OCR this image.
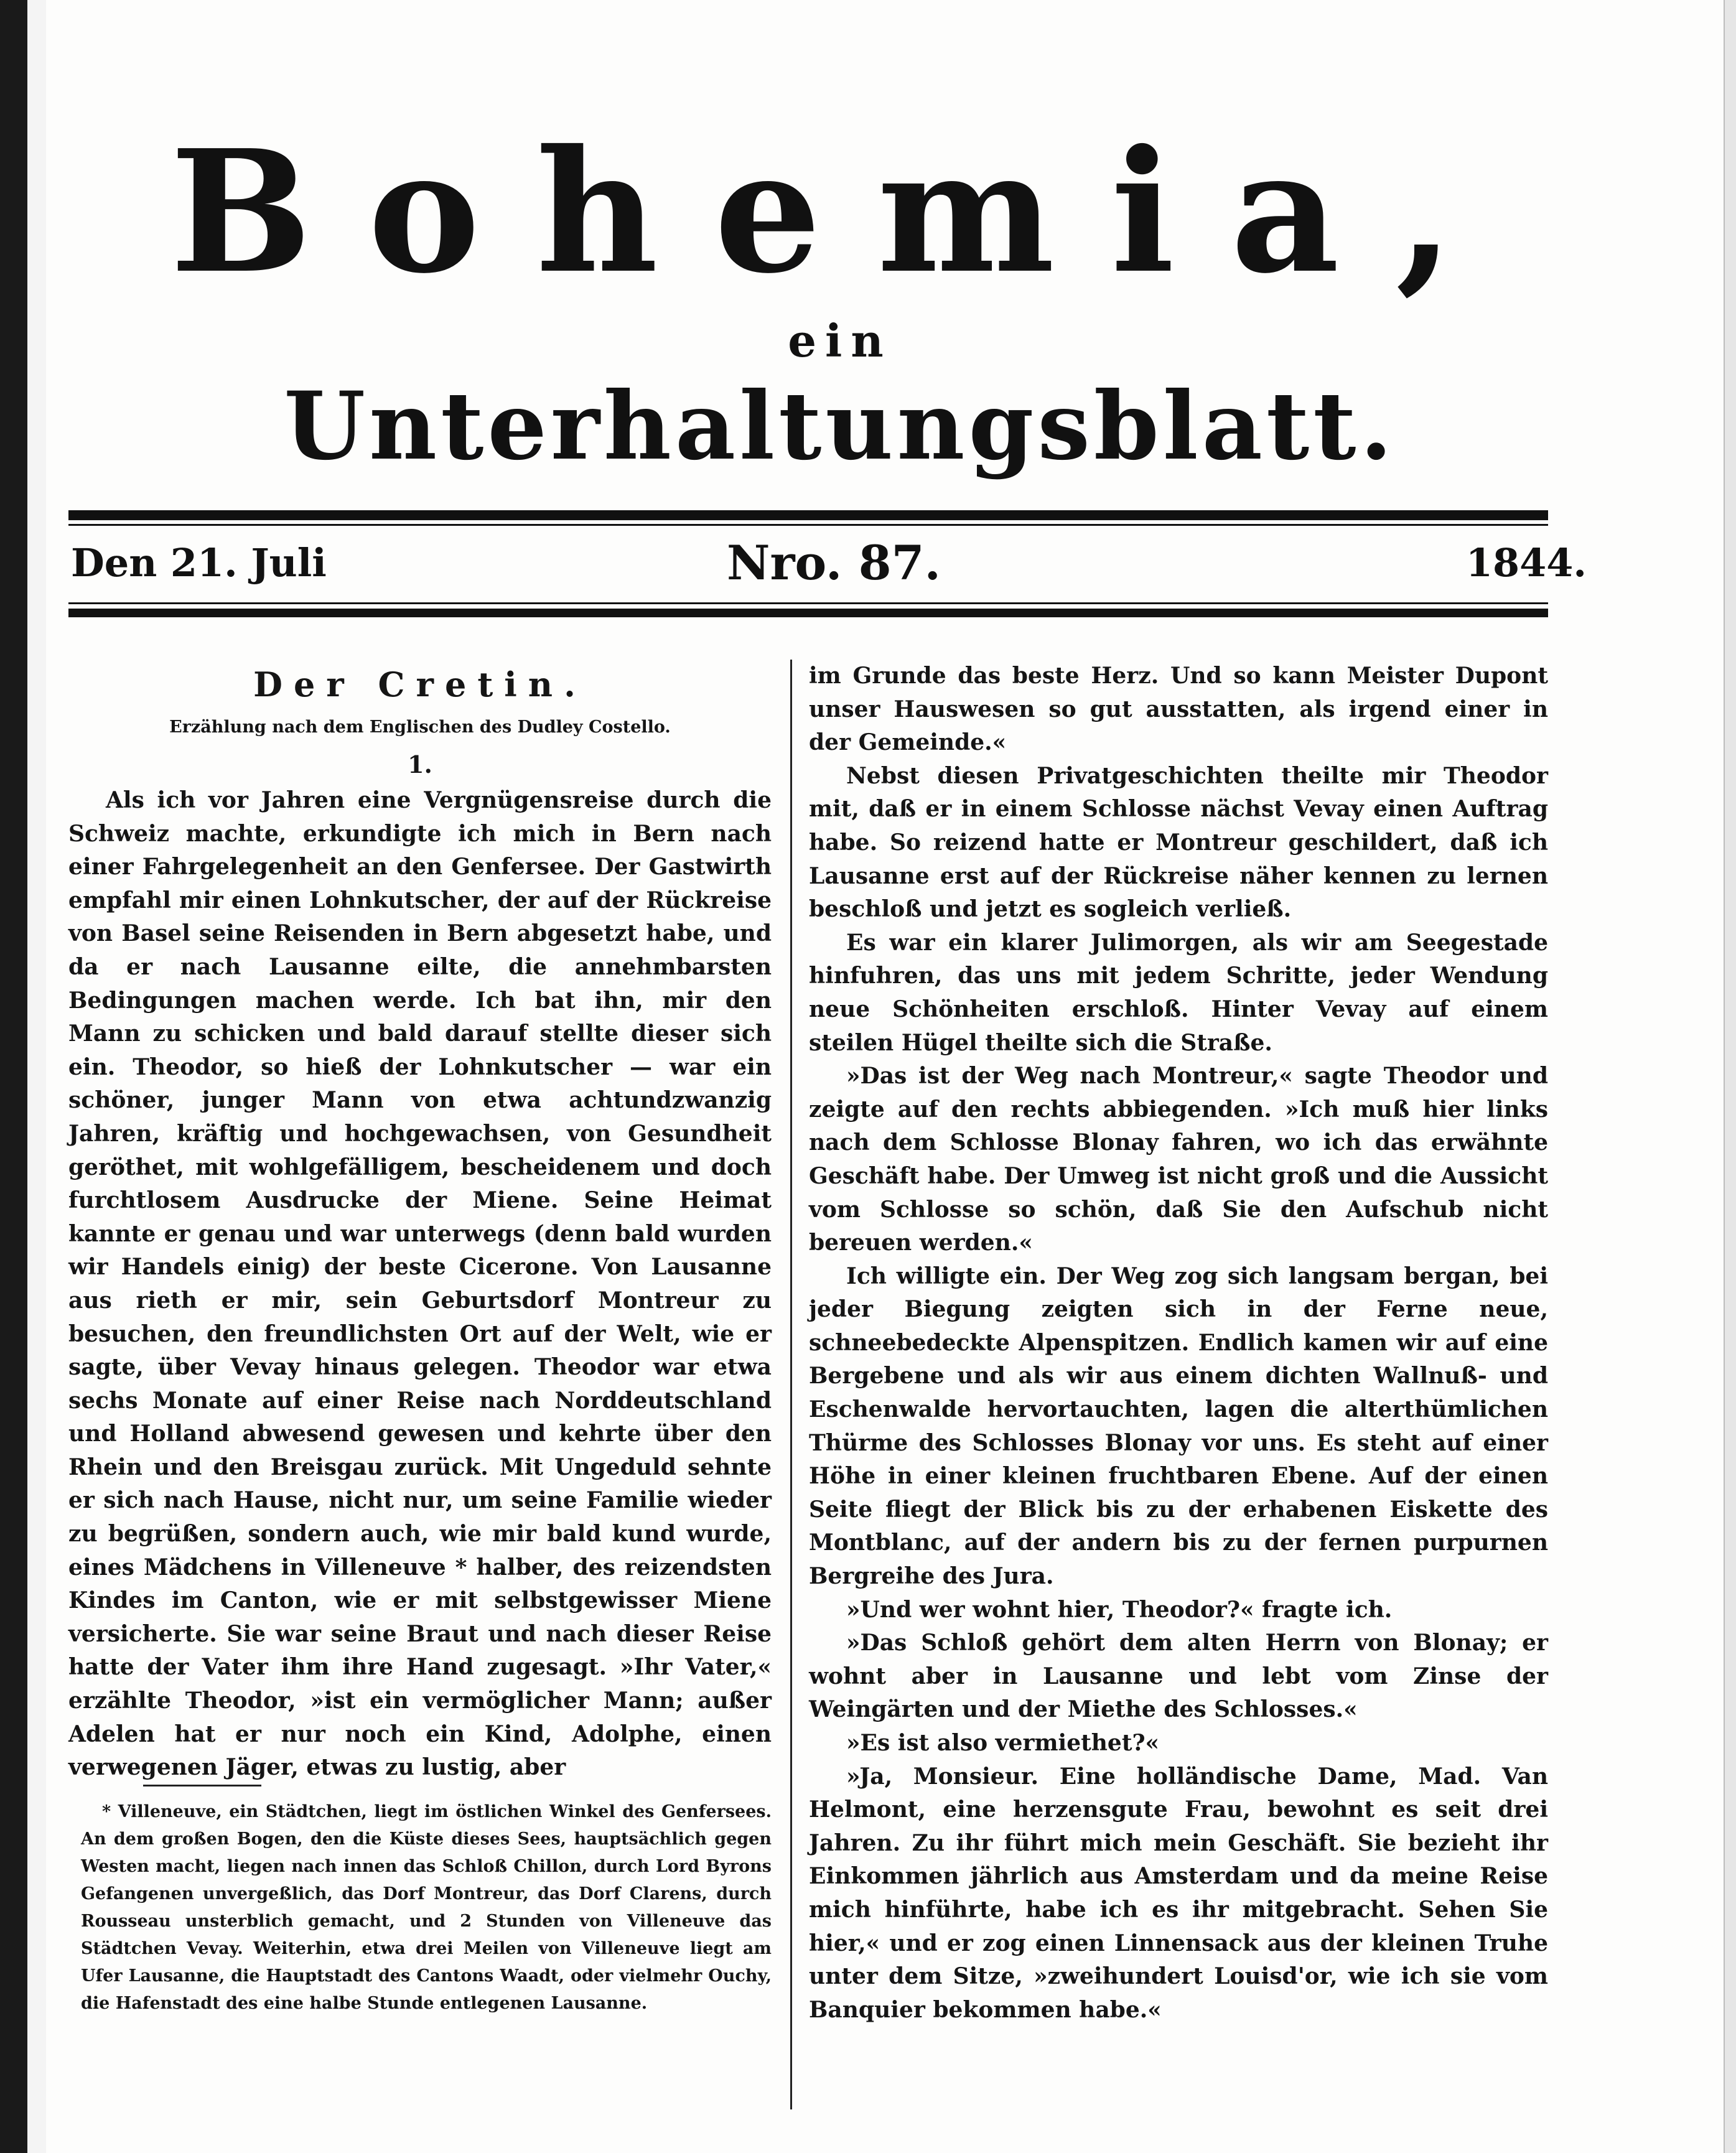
Bohemia,
ein
Unterhaltungsblatt.
Den 21. Juli	Nro. 87.	1844.

Der Cretin.

Erzählung nach dem Englischen des Dudley Costello.

1.

Als ich vor Jahren eine Vergnügensreise durch die Schweiz machte, erkundigte ich mich in Bern nach einer Fahrgelegenheit an den Genfersee. Der Gastwirth empfahl mir einen Lohnkutscher, der auf der Rückreise von Basel seine Reisenden in Bern abgesetzt habe, und da er nach Lausanne eilte, die annehmbarsten Bedingungen machen werde. Ich bat ihn, mir den Mann zu schicken und bald darauf stellte dieser sich ein. Theodor, so hieß der Lohnkutscher — war ein schöner, junger Mann von etwa achtundzwanzig Jahren, kräftig und hochgewachsen, von Gesundheit geröthet, mit wohlgefälligem, bescheidenem und doch furchtlosem Ausdrucke der Miene. Seine Heimat kannte er genau und war unterwegs (denn bald wurden wir Handels einig) der beste Cicerone. Von Lausanne aus rieth er mir, sein Geburtsdorf Montreur zu besuchen, den freundlichsten Ort auf der Welt, wie er sagte, über Vevay hinaus gelegen. Theodor war etwa sechs Monate auf einer Reise nach Norddeutschland und Holland abwesend gewesen und kehrte über den Rhein und den Breisgau zurück. Mit Ungeduld sehnte er sich nach Hause, nicht nur, um seine Familie wieder zu begrüßen, sondern auch, wie mir bald kund wurde, eines Mädchens in Villeneuve * halber, des reizendsten Kindes im Canton, wie er mit selbstgewisser Miene versicherte. Sie war seine Braut und nach dieser Reise hatte der Vater ihm ihre Hand zugesagt. »Ihr Vater,« erzählte Theodor, »ist ein vermöglicher Mann; außer Adelen hat er nur noch ein Kind, Adolphe, einen verwegenen Jäger, etwas zu lustig, aber

im Grunde das beste Herz. Und so kann Meister Dupont unser Hauswesen so gut ausstatten, als irgend einer in der Gemeinde.«

Nebst diesen Privatgeschichten theilte mir Theodor mit, daß er in einem Schlosse nächst Vevay einen Auftrag habe. So reizend hatte er Montreur geschildert, daß ich Lausanne erst auf der Rückreise näher kennen zu lernen beschloß und jetzt es sogleich verließ.

Es war ein klarer Julimorgen, als wir am Seegestade hinfuhren, das uns mit jedem Schritte, jeder Wendung neue Schönheiten erschloß. Hinter Vevay auf einem steilen Hügel theilte sich die Straße.

»Das ist der Weg nach Montreur,« sagte Theodor und zeigte auf den rechts abbiegenden. »Ich muß hier links nach dem Schlosse Blonay fahren, wo ich das erwähnte Geschäft habe. Der Umweg ist nicht groß und die Aussicht vom Schlosse so schön, daß Sie den Aufschub nicht bereuen werden.«

Ich willigte ein. Der Weg zog sich langsam bergan, bei jeder Biegung zeigten sich in der Ferne neue, schneebedeckte Alpenspitzen. Endlich kamen wir auf eine Bergebene und als wir aus einem dichten Wallnuß- und Eschenwalde hervortauchten, lagen die alterthümlichen Thürme des Schlosses Blonay vor uns. Es steht auf einer Höhe in einer kleinen fruchtbaren Ebene. Auf der einen Seite fliegt der Blick bis zu der erhabenen Eiskette des Montblanc, auf der andern bis zu der fernen purpurnen Bergreihe des Jura.

»Und wer wohnt hier, Theodor?« fragte ich.

»Das Schloß gehört dem alten Herrn von Blonay; er wohnt aber in Lausanne und lebt vom Zinse der Weingärten und der Miethe des Schlosses.«

»Es ist also vermiethet?«

»Ja, Monsieur. Eine holländische Dame, Mad. Van Helmont, eine herzensgute Frau, bewohnt es seit drei Jahren. Zu ihr führt mich mein Geschäft. Sie bezieht ihr Einkommen jährlich aus Amsterdam und da meine Reise mich hinführte, habe ich es ihr mitgebracht. Sehen Sie hier,« und er zog einen Linnensack aus der kleinen Truhe unter dem Sitze, »zweihundert Louisd'or, wie ich sie vom Banquier bekommen habe.«

* Villeneuve, ein Städtchen, liegt im östlichen Winkel des Genfersees. An dem großen Bogen, den die Küste dieses Sees, hauptsächlich gegen Westen macht, liegen nach innen das Schloß Chillon, durch Lord Byrons Gefangenen unvergeßlich, das Dorf Montreur, das Dorf Clarens, durch Rousseau unsterblich gemacht, und 2 Stunden von Villeneuve das Städtchen Vevay. Weiterhin, etwa drei Meilen von Villeneuve liegt am Ufer Lausanne, die Hauptstadt des Cantons Waadt, oder vielmehr Ouchy, die Hafenstadt des eine halbe Stunde entlegenen Lausanne.
